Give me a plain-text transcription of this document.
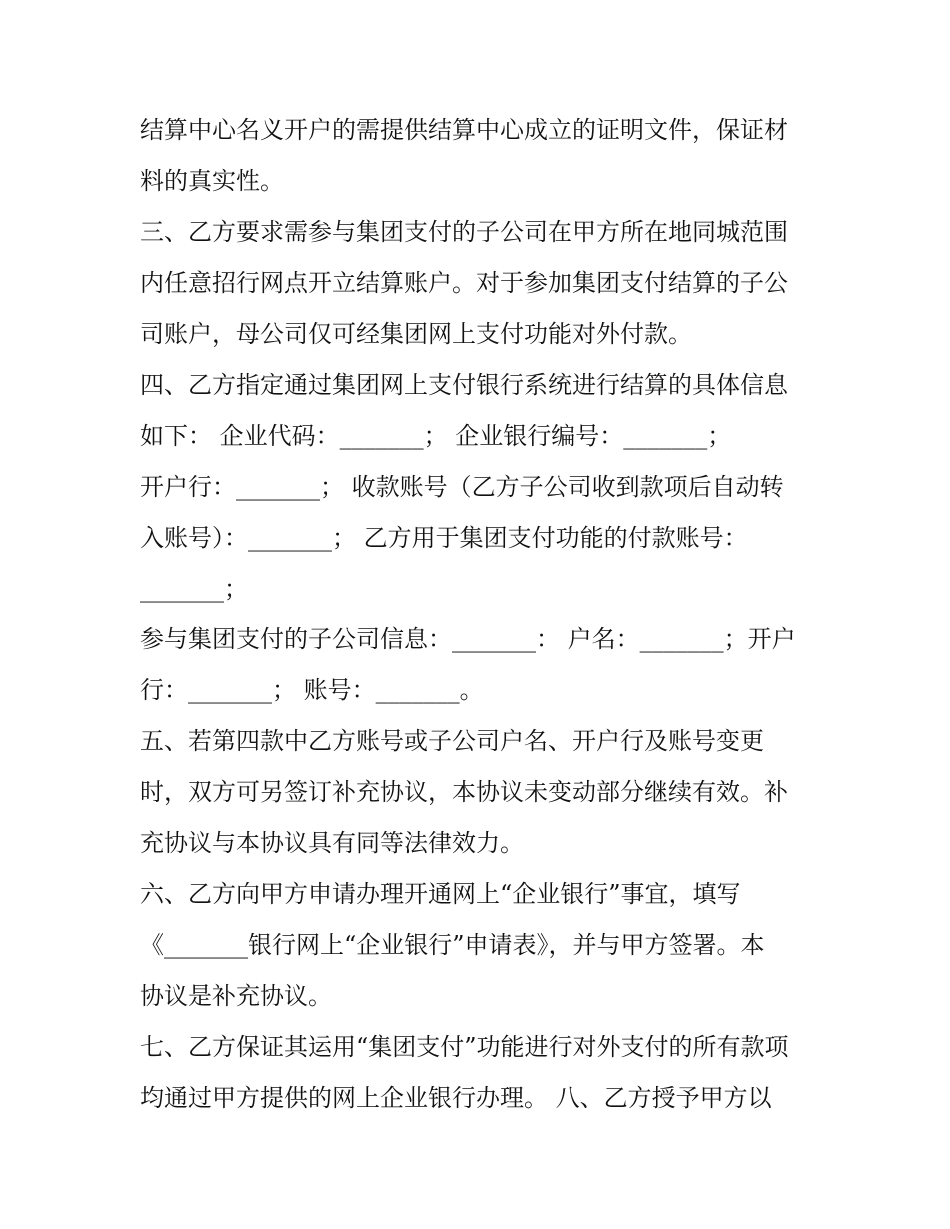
结算中心名义开户的需提供结算中心成立的证明文件，保证材
料的真实性。
三、乙方要求需参与集团支付的子公司在甲方所在地同城范围
内任意招行网点开立结算账户。对于参加集团支付结算的子公
司账户，母公司仅可经集团网上支付功能对外付款。
四、乙方指定通过集团网上支付银行系统进行结算的具体信息
如下： 企业代码：_______； 企业银行编号：_______；
开户行：_______； 收款账号（乙方子公司收到款项后自动转
入账号）：_______； 乙方用于集团支付功能的付款账号：
_______；
参与集团支付的子公司信息：_______： 户名：_______；开户
行：_______； 账号：_______。
五、若第四款中乙方账号或子公司户名、开户行及账号变更
时，双方可另签订补充协议，本协议未变动部分继续有效。补
充协议与本协议具有同等法律效力。
六、乙方向甲方申请办理开通网上“企业银行”事宜，填写
《_______银行网上“企业银行”申请表》，并与甲方签署。本
协议是补充协议。
七、乙方保证其运用“集团支付”功能进行对外支付的所有款项
均通过甲方提供的网上企业银行办理。 八、乙方授予甲方以
